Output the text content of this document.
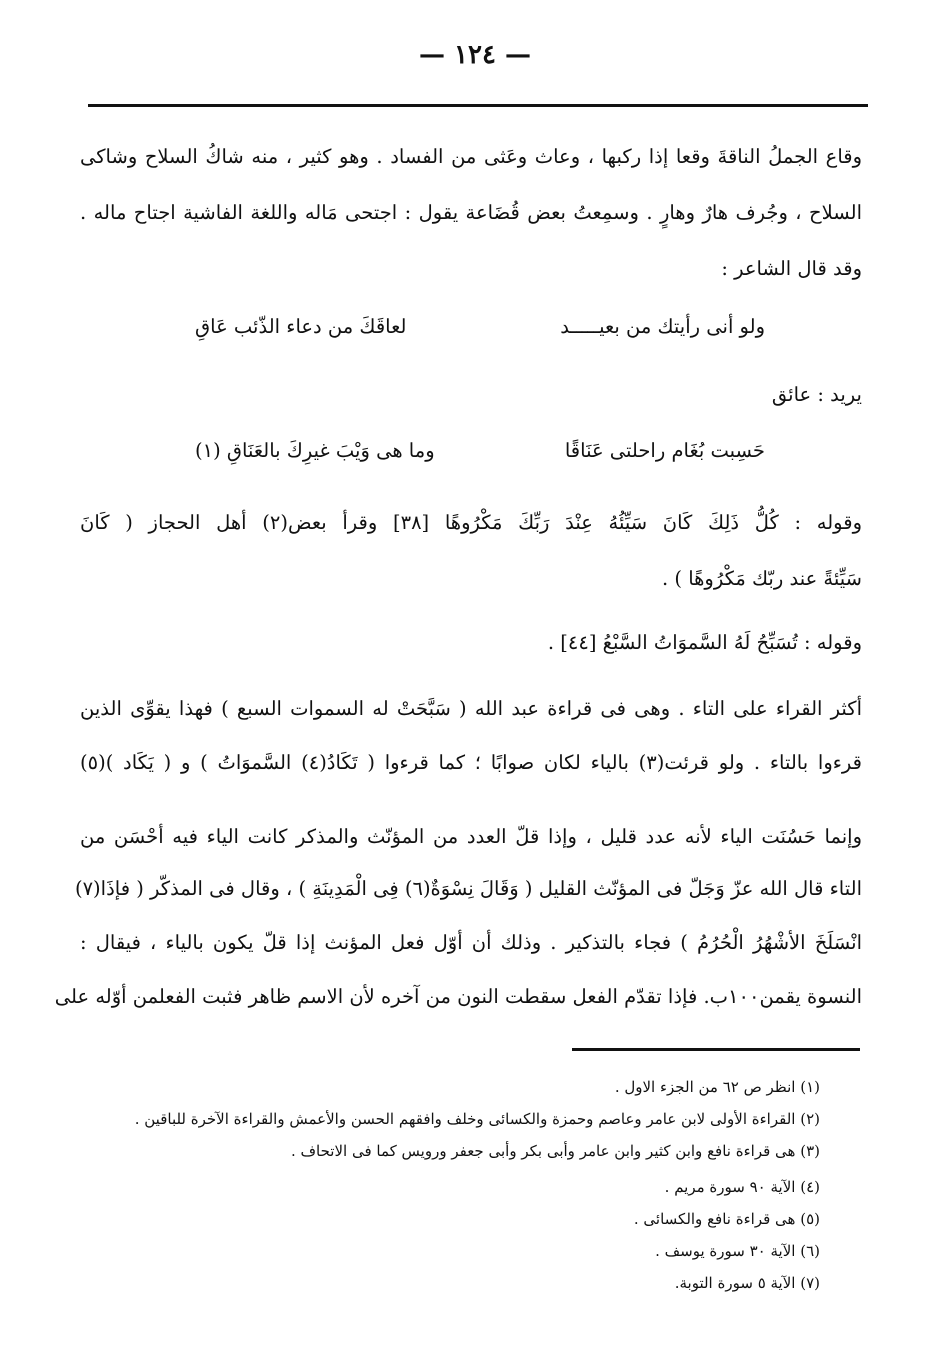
— ١٢٤ —
وقاع الجملُ الناقةَ وقعا إذا ركبها ، وعاث وعَثى من الفساد . وهو كثير ، منه شاكُ السلاح وشاكى
السلاح ، وجُرف هارٌ وهارٍ . وسمِعتُ بعض قُضَاعة يقول : اجتحى مَاله واللغة الفاشية اجتاح ماله .
وقد قال الشاعر :
ولو أنى رأيتك من بعيـــــد
لعاقَكَ من دعاء الذّئب عَاقِ
يريد : عائق
حَسِبت بُغَام راحلتى عَنَاقًا
وما هى وَيْبَ غيرِكَ بالعَنَاقِ (١)
وقوله : كُلُّ ذَلِكَ كَانَ سَيِّئُهُ عِنْدَ رَبِّكَ مَكْرُوهًا [٣٨] وقرأ بعض(٢) أهل الحجاز ( كَانَ
سَيِّئةً عند ربّك مَكْرُوهًا ) .
وقوله : تُسَبِّحُ لَهُ السَّموَاتُ السَّبْعُ [٤٤] .
أكثر القراء على التاء . وهى فى قراءة عبد الله ( سَبَّحَتْ له السموات السبع ) فهذا يقوِّى الذين
قرءوا بالتاء . ولو قرئت(٣) بالياء لكان صوابًا ؛ كما قرءوا ( تَكَادُ(٤) السَّموَاتُ ) و ( يَكَاد )(٥)
وإنما حَسُنَت الياء لأنه عدد قليل ، وإذا قلّ العدد من المؤنّث والمذكر كانت الياء فيه أحْسَن من
التاء قال الله عزّ وَجَلّ فى المؤنّث القليل ( وَقَالَ نِسْوَةٌ(٦) فِى الْمَدِينَةِ ) ، وقال فى المذكّر ( فإذَا(٧)
انْسَلَخَ الأشْهُرُ الْحُرُمُ ) فجاء بالتذكير . وذلك أن أوّل فعل المؤنث إذا قلّ يكون بالياء ، فيقال :
النسوة يقمن١٠٠ب. فإذا تقدّم الفعل سقطت النون من آخره لأن الاسم ظاهر فثبت الفعلمن أوّله على
(١) انظر ص ٦٢ من الجزء الاول .
(٢) القراءة الأولى لابن عامر وعاصم وحمزة والكسائى وخلف وافقهم الحسن والأعمش والقراءة الآخرة للباقين .
(٣) هى قراءة نافع وابن كثير وابن عامر وأبى بكر وأبى جعفر ورويس كما فى الاتحاف .
(٤) الآية ٩٠ سورة مريم .
(٥) هى قراءة نافع والكسائى .
(٦) الآية ٣٠ سورة يوسف .
(٧) الآية ٥ سورة التوبة.
